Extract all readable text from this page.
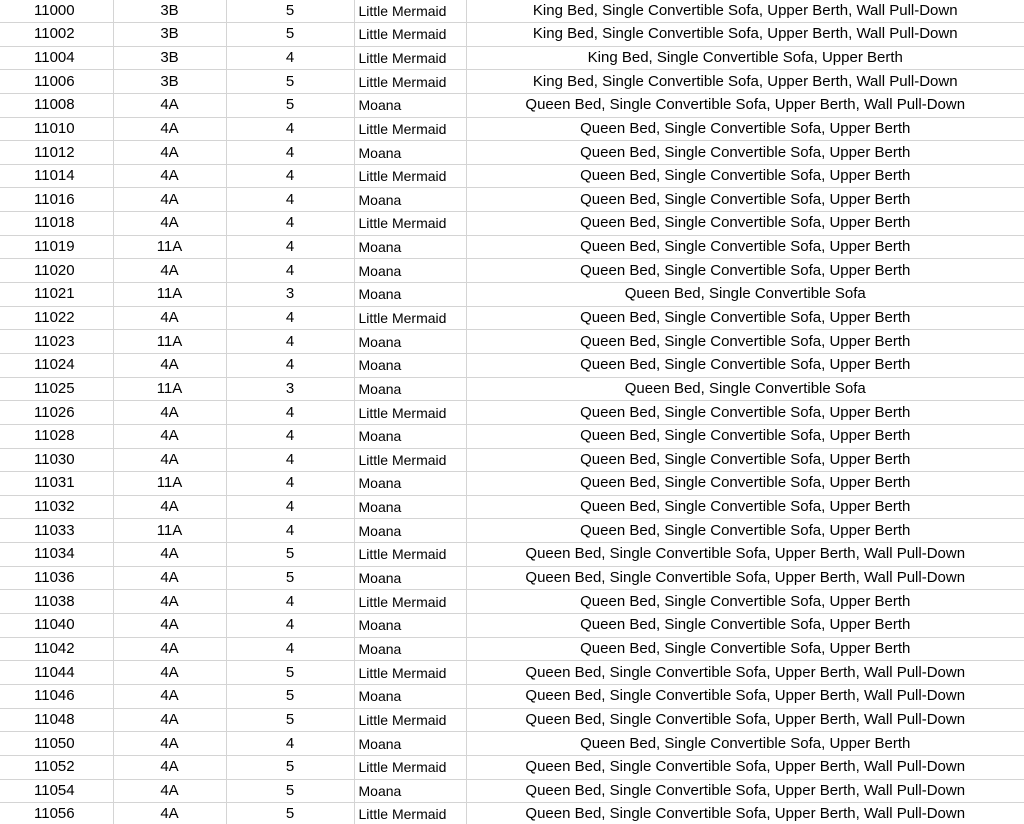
11000	3B	5	Little Mermaid	King Bed, Single Convertible Sofa, Upper Berth, Wall Pull-Down
11002	3B	5	Little Mermaid	King Bed, Single Convertible Sofa, Upper Berth, Wall Pull-Down
11004	3B	4	Little Mermaid	King Bed, Single Convertible Sofa, Upper Berth
11006	3B	5	Little Mermaid	King Bed, Single Convertible Sofa, Upper Berth, Wall Pull-Down
11008	4A	5	Moana	Queen Bed, Single Convertible Sofa, Upper Berth, Wall Pull-Down
11010	4A	4	Little Mermaid	Queen Bed, Single Convertible Sofa, Upper Berth
11012	4A	4	Moana	Queen Bed, Single Convertible Sofa, Upper Berth
11014	4A	4	Little Mermaid	Queen Bed, Single Convertible Sofa, Upper Berth
11016	4A	4	Moana	Queen Bed, Single Convertible Sofa, Upper Berth
11018	4A	4	Little Mermaid	Queen Bed, Single Convertible Sofa, Upper Berth
11019	11A	4	Moana	Queen Bed, Single Convertible Sofa, Upper Berth
11020	4A	4	Moana	Queen Bed, Single Convertible Sofa, Upper Berth
11021	11A	3	Moana	Queen Bed, Single Convertible Sofa
11022	4A	4	Little Mermaid	Queen Bed, Single Convertible Sofa, Upper Berth
11023	11A	4	Moana	Queen Bed, Single Convertible Sofa, Upper Berth
11024	4A	4	Moana	Queen Bed, Single Convertible Sofa, Upper Berth
11025	11A	3	Moana	Queen Bed, Single Convertible Sofa
11026	4A	4	Little Mermaid	Queen Bed, Single Convertible Sofa, Upper Berth
11028	4A	4	Moana	Queen Bed, Single Convertible Sofa, Upper Berth
11030	4A	4	Little Mermaid	Queen Bed, Single Convertible Sofa, Upper Berth
11031	11A	4	Moana	Queen Bed, Single Convertible Sofa, Upper Berth
11032	4A	4	Moana	Queen Bed, Single Convertible Sofa, Upper Berth
11033	11A	4	Moana	Queen Bed, Single Convertible Sofa, Upper Berth
11034	4A	5	Little Mermaid	Queen Bed, Single Convertible Sofa, Upper Berth, Wall Pull-Down
11036	4A	5	Moana	Queen Bed, Single Convertible Sofa, Upper Berth, Wall Pull-Down
11038	4A	4	Little Mermaid	Queen Bed, Single Convertible Sofa, Upper Berth
11040	4A	4	Moana	Queen Bed, Single Convertible Sofa, Upper Berth
11042	4A	4	Moana	Queen Bed, Single Convertible Sofa, Upper Berth
11044	4A	5	Little Mermaid	Queen Bed, Single Convertible Sofa, Upper Berth, Wall Pull-Down
11046	4A	5	Moana	Queen Bed, Single Convertible Sofa, Upper Berth, Wall Pull-Down
11048	4A	5	Little Mermaid	Queen Bed, Single Convertible Sofa, Upper Berth, Wall Pull-Down
11050	4A	4	Moana	Queen Bed, Single Convertible Sofa, Upper Berth
11052	4A	5	Little Mermaid	Queen Bed, Single Convertible Sofa, Upper Berth, Wall Pull-Down
11054	4A	5	Moana	Queen Bed, Single Convertible Sofa, Upper Berth, Wall Pull-Down
11056	4A	5	Little Mermaid	Queen Bed, Single Convertible Sofa, Upper Berth, Wall Pull-Down
